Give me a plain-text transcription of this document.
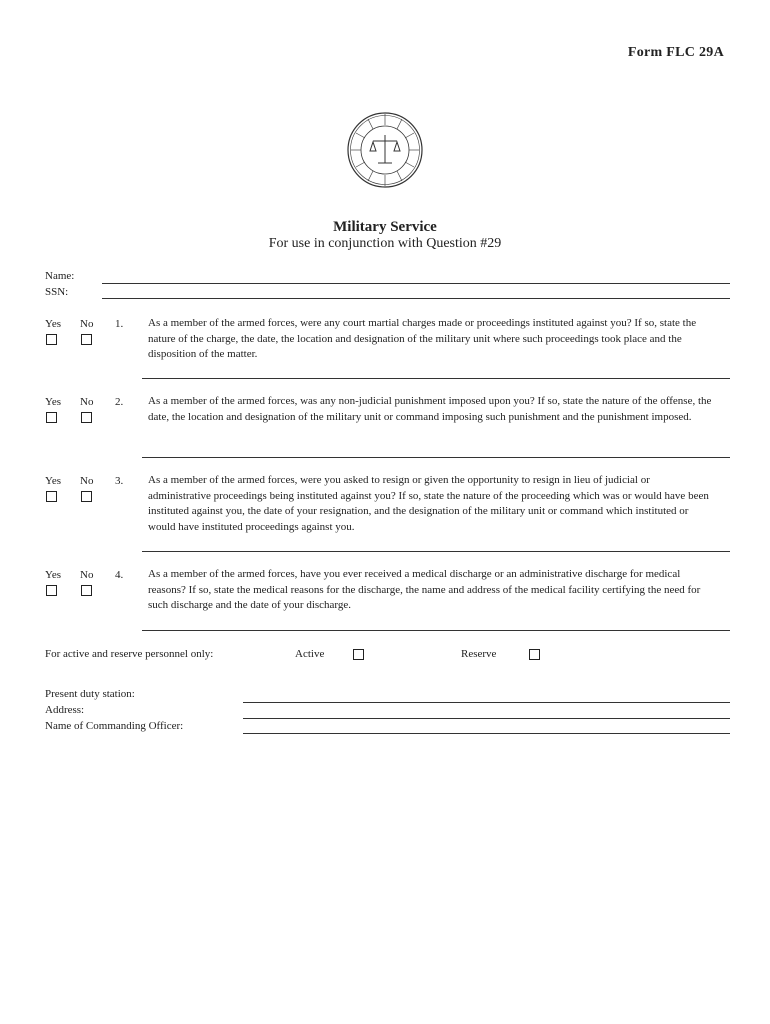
Form FLC 29A
Military Service
For use in conjunction with Question #29
Name:
SSN:
Yes No 1. As a member of the armed forces, were any court martial charges made or proceedings instituted against you? If so, state the nature of the charge, the date, the location and designation of the military unit where such proceedings took place and the disposition of the matter.
Yes No 2. As a member of the armed forces, was any non-judicial punishment imposed upon you? If so, state the nature of the offense, the date, the location and designation of the military unit or command imposing such punishment and the punishment imposed.
Yes No 3. As a member of the armed forces, were you asked to resign or given the opportunity to resign in lieu of judicial or administrative proceedings being instituted against you? If so, state the nature of the proceeding which was or would have been instituted against you, the date of your resignation, and the designation of the military unit or command which instituted or would have instituted proceedings against you.
Yes No 4. As a member of the armed forces, have you ever received a medical discharge or an administrative discharge for medical reasons? If so, state the medical reasons for the discharge, the name and address of the medical facility certifying the need for such discharge and the date of your discharge.
For active and reserve personnel only:	Active	Reserve
Present duty station:
Address:
Name of Commanding Officer:
